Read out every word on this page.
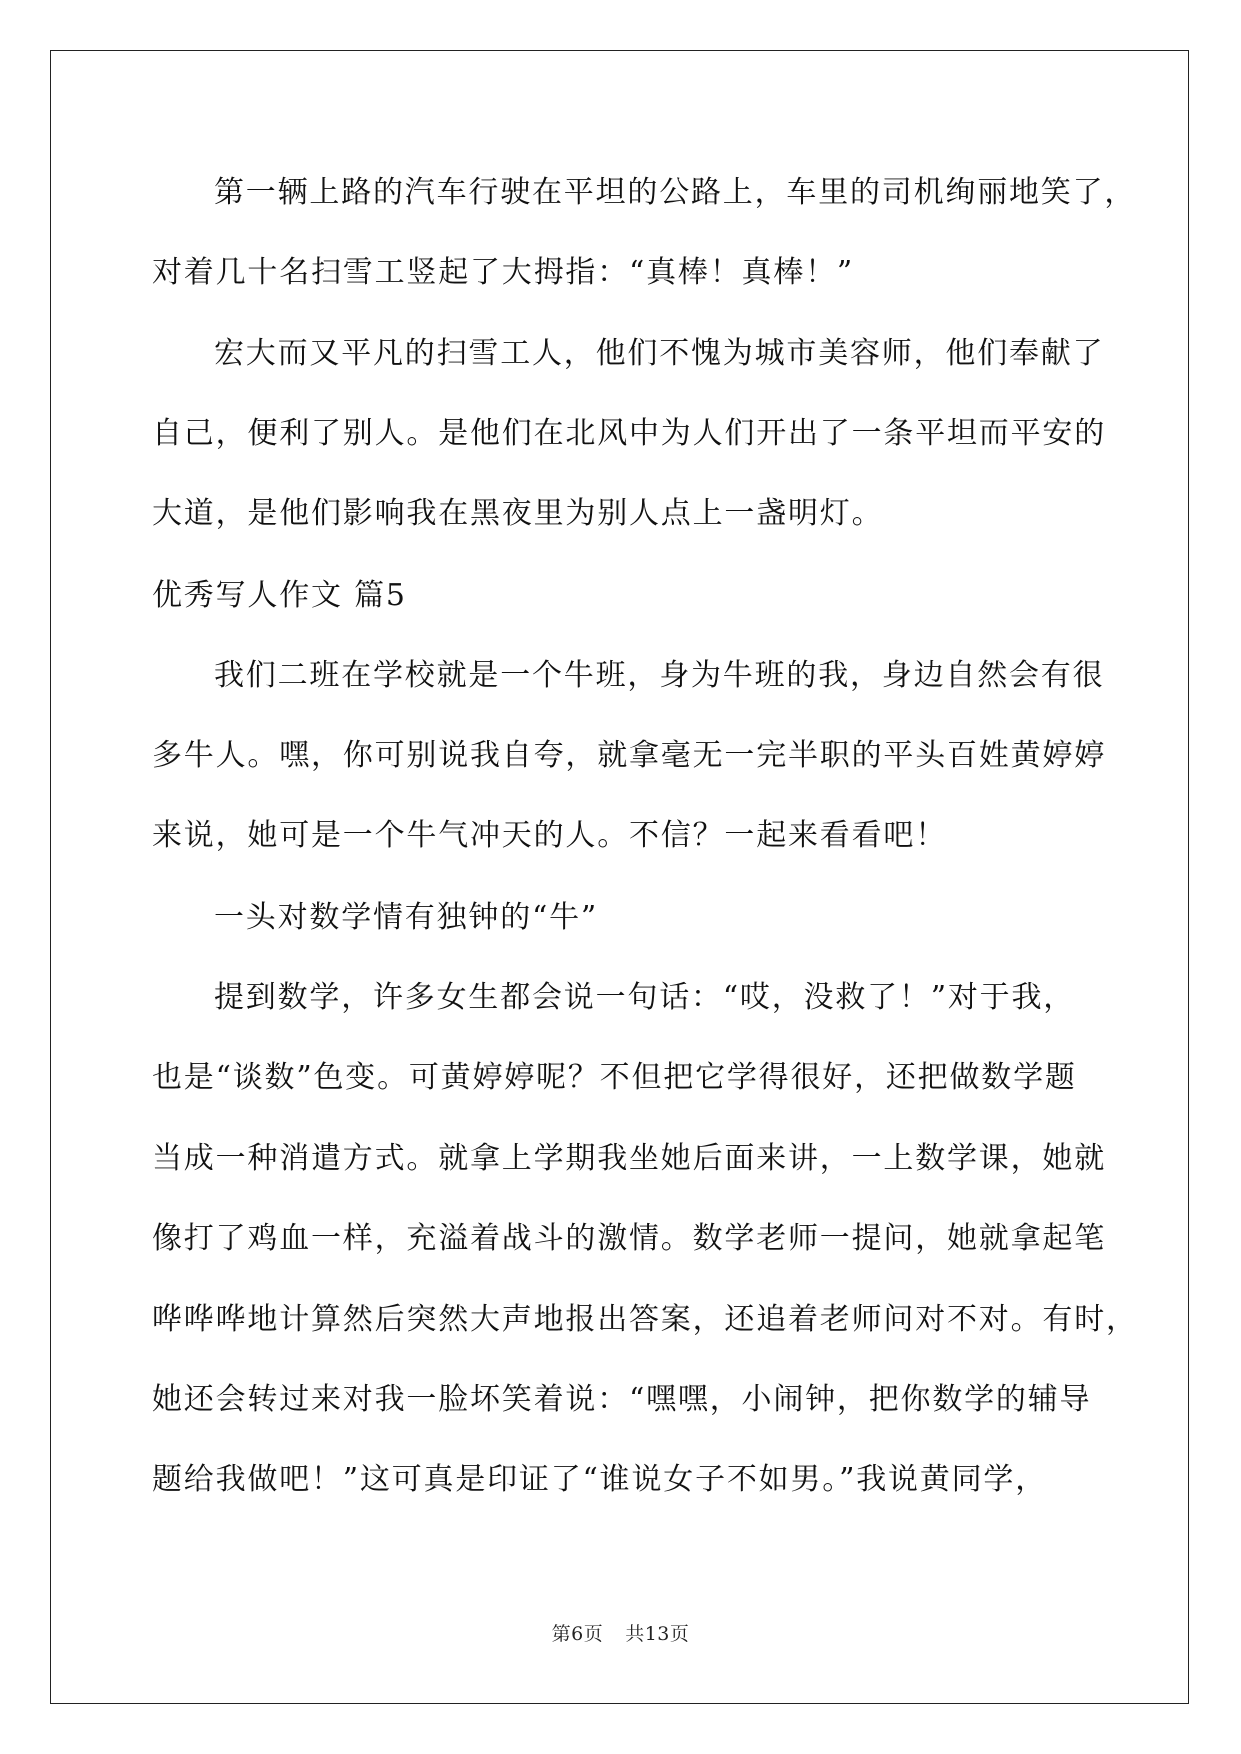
第一辆上路的汽车行驶在平坦的公路上，车里的司机绚丽地笑了，
对着几十名扫雪工竖起了大拇指：“真棒！真棒！”
宏大而又平凡的扫雪工人，他们不愧为城市美容师，他们奉献了
自己，便利了别人。是他们在北风中为人们开出了一条平坦而平安的
大道，是他们影响我在黑夜里为别人点上一盏明灯。
优秀写人作文 篇5
我们二班在学校就是一个牛班，身为牛班的我，身边自然会有很
多牛人。嘿，你可别说我自夸，就拿毫无一完半职的平头百姓黄婷婷
来说，她可是一个牛气冲天的人。不信？一起来看看吧！
一头对数学情有独钟的“牛”
提到数学，许多女生都会说一句话：“哎，没救了！”对于我，
也是“谈数”色变。可黄婷婷呢？不但把它学得很好，还把做数学题
当成一种消遣方式。就拿上学期我坐她后面来讲，一上数学课，她就
像打了鸡血一样，充溢着战斗的激情。数学老师一提问，她就拿起笔
哗哗哗地计算然后突然大声地报出答案，还追着老师问对不对。有时，
她还会转过来对我一脸坏笑着说：“嘿嘿，小闹钟，把你数学的辅导
题给我做吧！”这可真是印证了“谁说女子不如男。”我说黄同学，
第6页 共13页
